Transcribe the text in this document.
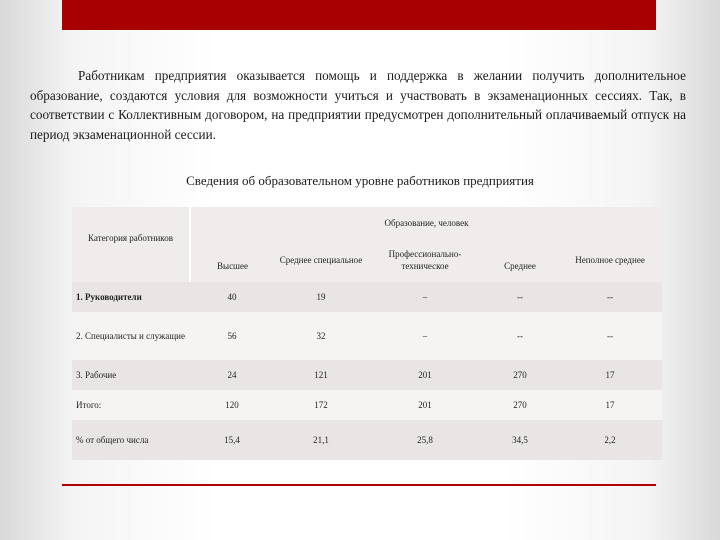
Работникам предприятия оказывается помощь и поддержка в желании получить дополнительное образование, создаются условия для возможности учиться и участвовать в экзаменационных сессиях. Так, в соответствии с Коллективным договором, на предприятии предусмотрен дополнительный оплачиваемый отпуск на период экзаменационной сессии.

Сведения об образовательном уровне работников предприятия

Категория работников	Образование, человек				
	Высшее	Среднее специальное	Профессионально-техническое	Среднее	Неполное среднее
1. Руководители	40	19	–	--	--
2. Специалисты и служащие	56	32	–	--	--
3. Рабочие	24	121	201	270	17
Итого:	120	172	201	270	17
% от общего числа	15,4	21,1	25,8	34,5	2,2
